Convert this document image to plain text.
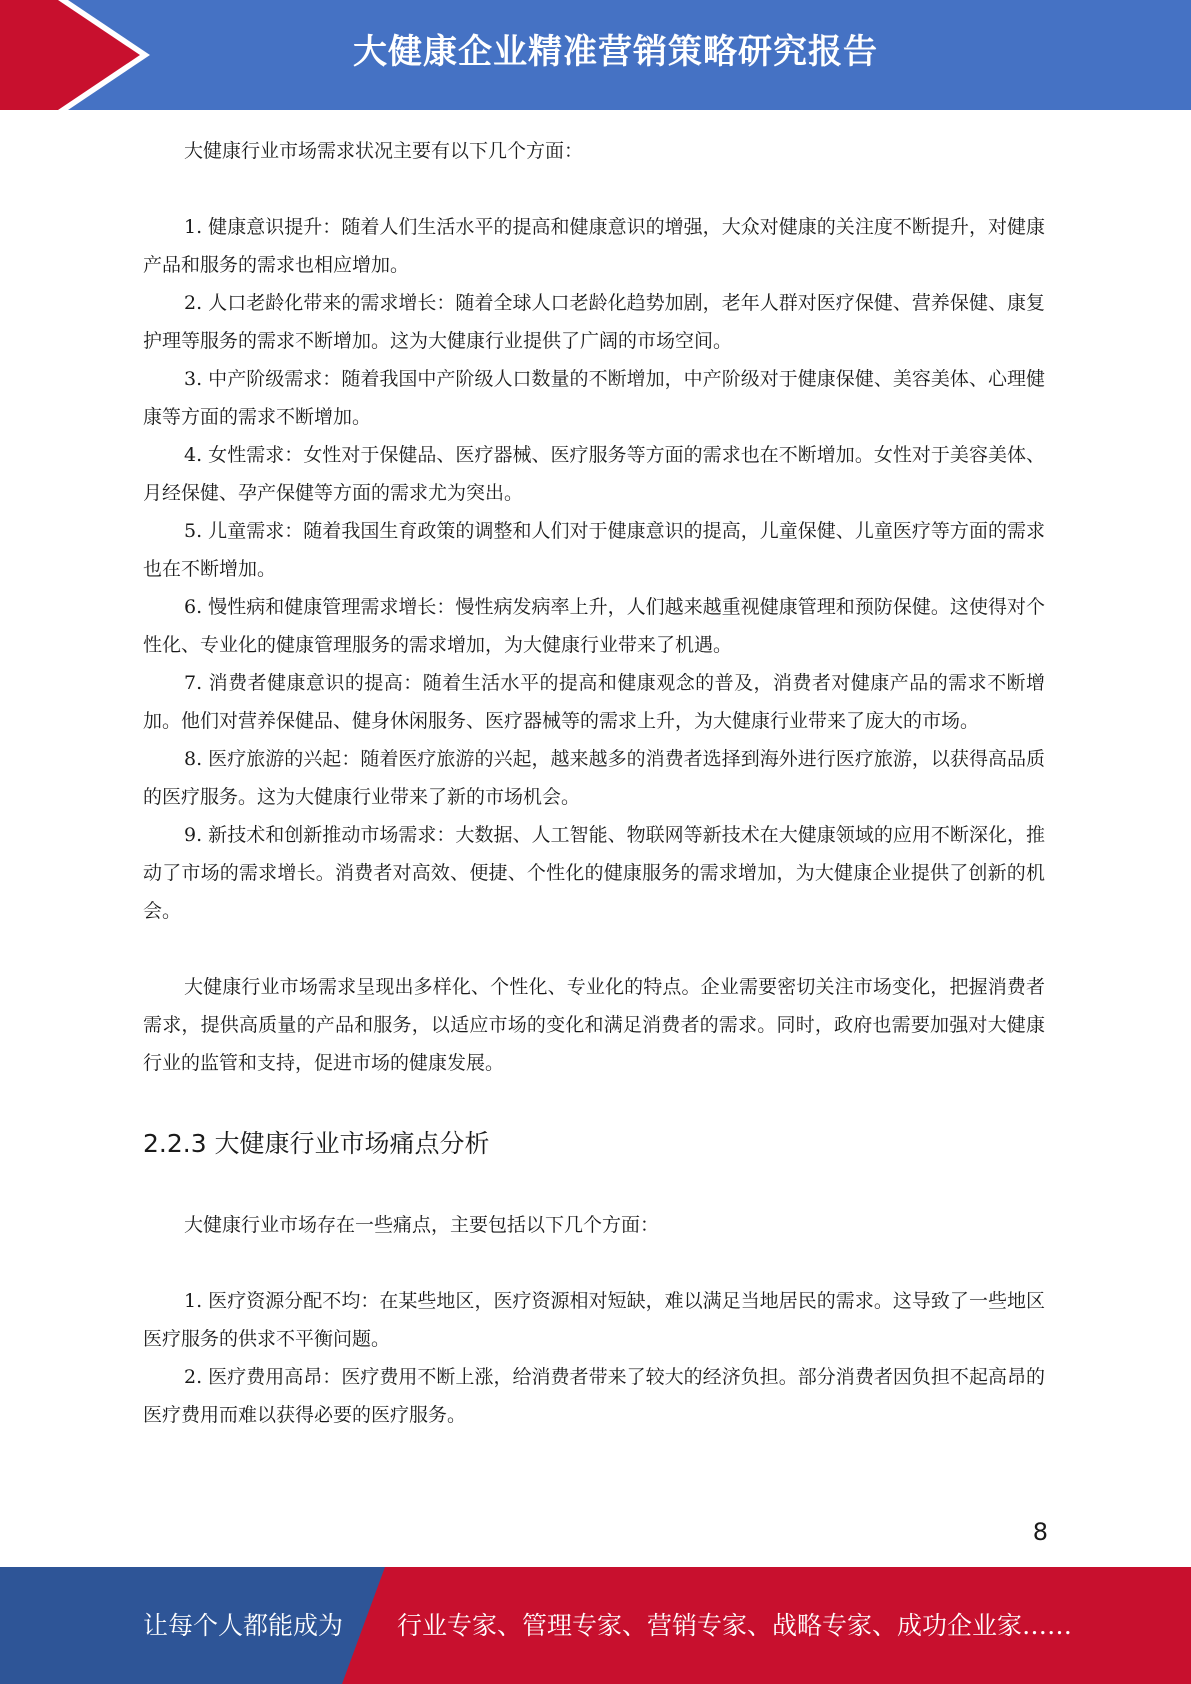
大健康企业精准营销策略研究报告

大健康行业市场需求状况主要有以下几个方面：

1. 健康意识提升：随着人们生活水平的提高和健康意识的增强，大众对健康的关注度不断提升，对健康产品和服务的需求也相应增加。

2. 人口老龄化带来的需求增长：随着全球人口老龄化趋势加剧，老年人群对医疗保健、营养保健、康复护理等服务的需求不断增加。这为大健康行业提供了广阔的市场空间。

3. 中产阶级需求：随着我国中产阶级人口数量的不断增加，中产阶级对于健康保健、美容美体、心理健康等方面的需求不断增加。

4. 女性需求：女性对于保健品、医疗器械、医疗服务等方面的需求也在不断增加。女性对于美容美体、月经保健、孕产保健等方面的需求尤为突出。

5. 儿童需求：随着我国生育政策的调整和人们对于健康意识的提高，儿童保健、儿童医疗等方面的需求也在不断增加。

6. 慢性病和健康管理需求增长：慢性病发病率上升，人们越来越重视健康管理和预防保健。这使得对个性化、专业化的健康管理服务的需求增加，为大健康行业带来了机遇。

7. 消费者健康意识的提高：随着生活水平的提高和健康观念的普及，消费者对健康产品的需求不断增加。他们对营养保健品、健身休闲服务、医疗器械等的需求上升，为大健康行业带来了庞大的市场。

8. 医疗旅游的兴起：随着医疗旅游的兴起，越来越多的消费者选择到海外进行医疗旅游，以获得高品质的医疗服务。这为大健康行业带来了新的市场机会。

9. 新技术和创新推动市场需求：大数据、人工智能、物联网等新技术在大健康领域的应用不断深化，推动了市场的需求增长。消费者对高效、便捷、个性化的健康服务的需求增加，为大健康企业提供了创新的机会。

大健康行业市场需求呈现出多样化、个性化、专业化的特点。企业需要密切关注市场变化，把握消费者需求，提供高质量的产品和服务，以适应市场的变化和满足消费者的需求。同时，政府也需要加强对大健康行业的监管和支持，促进市场的健康发展。

2.2.3 大健康行业市场痛点分析

大健康行业市场存在一些痛点，主要包括以下几个方面：

1. 医疗资源分配不均：在某些地区，医疗资源相对短缺，难以满足当地居民的需求。这导致了一些地区医疗服务的供求不平衡问题。

2. 医疗费用高昂：医疗费用不断上涨，给消费者带来了较大的经济负担。部分消费者因负担不起高昂的医疗费用而难以获得必要的医疗服务。

8
让每个人都能成为 行业专家、管理专家、营销专家、战略专家、成功企业家……
